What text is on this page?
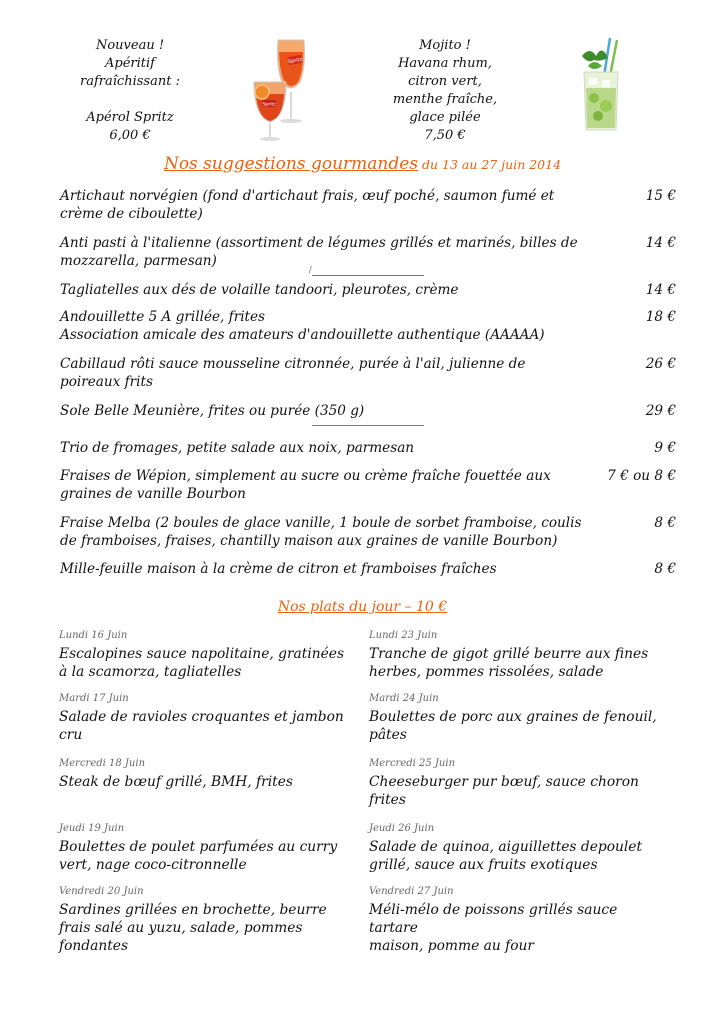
Nouveau !
Apéritif
rafraîchissant :

Apérol Spritz
6,00 €
Spritz
Spritz
Mojito !
Havana rhum,
citron vert,
menthe fraîche,
glace pilée
7,50 €
Nos suggestions gourmandes du 13 au 27 juin 2014
Artichaut norvégien (fond d'artichaut frais, œuf poché, saumon fumé et
crème de ciboulette)
15 €
Anti pasti à l'italienne (assortiment de légumes grillés et marinés, billes de
mozzarella, parmesan)
14 €
/
Tagliatelles aux dés de volaille tandoori, pleurotes, crème	14 €
Andouillette 5 A grillée, frites
Association amicale des amateurs d'andouillette authentique (AAAAA)
18 €
Cabillaud rôti sauce mousseline citronnée, purée à l'ail, julienne de
poireaux frits
26 €
Sole Belle Meunière, frites ou purée (350 g)	29 €
Trio de fromages, petite salade aux noix, parmesan	9 €
Fraises de Wépion, simplement au sucre ou crème fraîche fouettée aux
graines de vanille Bourbon
7 € ou 8 €
Fraise Melba (2 boules de glace vanille, 1 boule de sorbet framboise, coulis
de framboises, fraises, chantilly maison aux graines de vanille Bourbon)
8 €
Mille-feuille maison à la crème de citron et framboises fraîches	8 €
Nos plats du jour – 10 €
Lundi 16 Juin
Escalopines sauce napolitaine, gratinées
à la scamorza, tagliatelles
Mardi 17 Juin
Salade de ravioles croquantes et jambon
cru
Mercredi 18 Juin
Steak de bœuf grillé, BMH, frites
Jeudi 19 Juin
Boulettes de poulet parfumées au curry
vert, nage coco-citronnelle
Vendredi 20 Juin
Sardines grillées en brochette, beurre
frais salé au yuzu, salade, pommes
fondantes
Lundi 23 Juin
Tranche de gigot grillé beurre aux fines
herbes, pommes rissolées, salade
Mardi 24 Juin
Boulettes de porc aux graines de fenouil,
pâtes
Mercredi 25 Juin
Cheeseburger pur bœuf, sauce choron
frites
Jeudi 26 Juin
Salade de quinoa, aiguillettes depoulet
grillé, sauce aux fruits exotiques
Vendredi 27 Juin
Méli-mélo de poissons grillés sauce tartare
maison, pomme au four
